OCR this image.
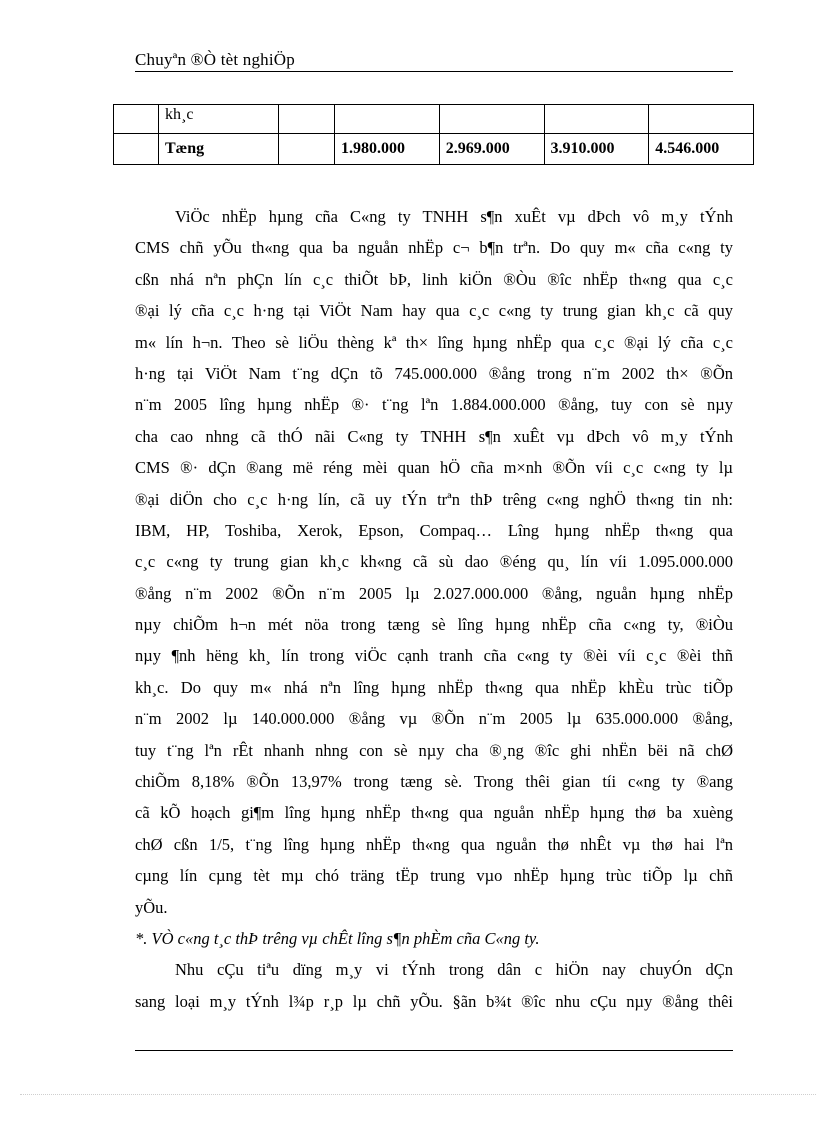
Chuyªn ®Ò tèt nghiÖp
	kh¸c					
	Tæng		1.980.000	2.969.000	3.910.000	4.546.000
ViÖc nhËp hµng cña C«ng ty TNHH s¶n xuÊt vµ dÞch vô m¸y tÝnh
CMS chñ yÕu th«ng qua ba nguån nhËp c¬ b¶n trªn. Do quy m« cña c«ng ty
cßn nhá nªn phÇn lín c¸c thiÕt bÞ, linh kiÖn ®Òu ®îc nhËp th«ng qua c¸c
®ại lý cña c¸c h·ng tại ViÖt Nam hay qua c¸c c«ng ty trung gian kh¸c cã quy
m« lín h¬n. Theo sè liÖu thèng kª th× lîng hµng nhËp qua c¸c ®ại lý cña c¸c
h·ng tại ViÖt Nam t¨ng dÇn tõ 745.000.000 ®ång trong n¨m 2002 th× ®Õn
n¨m 2005 lîng hµng nhËp ®· t¨ng lªn 1.884.000.000 ®ång, tuy con sè nµy
cha cao nhng cã thÓ nãi C«ng ty TNHH s¶n xuÊt vµ dÞch vô m¸y tÝnh
CMS ®· dÇn ®ang më réng mèi quan hÖ cña m×nh ®Õn víi c¸c c«ng ty lµ
®ại diÖn cho c¸c h·ng lín, cã uy tÝn trªn thÞ trêng c«ng nghÖ th«ng tin nh:
IBM, HP, Toshiba, Xerok, Epson, Compaq… Lîng hµng nhËp th«ng qua
c¸c c«ng ty trung gian kh¸c kh«ng cã sù dao ®éng qu¸ lín víi 1.095.000.000
®ång n¨m 2002 ®Õn n¨m 2005 lµ 2.027.000.000 ®ång, nguån hµng nhËp
nµy chiÕm h¬n mét nöa trong tæng sè lîng hµng nhËp cña c«ng ty, ®iÒu
nµy ¶nh hëng kh¸ lín trong viÖc cạnh tranh cña c«ng ty ®èi víi c¸c ®èi thñ
kh¸c. Do quy m« nhá nªn lîng hµng nhËp th«ng qua nhËp khÈu trùc tiÕp
n¨m 2002 lµ 140.000.000 ®ång vµ ®Õn n¨m 2005 lµ 635.000.000 ®ång,
tuy t¨ng lªn rÊt nhanh nhng con sè nµy cha ®¸ng ®îc ghi nhËn bëi nã chØ
chiÕm 8,18% ®Õn 13,97% trong tæng sè. Trong thêi gian tíi c«ng ty ®ang
cã kÕ hoạch gi¶m lîng hµng nhËp th«ng qua nguån nhËp hµng thø ba xuèng
chØ cßn 1/5, t¨ng lîng hµng nhËp th«ng qua nguån thø nhÊt vµ thø hai lªn
cµng lín cµng tèt mµ chó träng tËp trung vµo nhËp hµng trùc tiÕp lµ chñ
yÕu.
*. VÒ c«ng t¸c thÞ trêng vµ chÊt lîng s¶n phÈm cña C«ng ty.
Nhu cÇu tiªu dïng m¸y vi tÝnh trong dân c hiÖn nay chuyÓn dÇn
sang loại m¸y tÝnh l¾p r¸p lµ chñ yÕu. §ãn b¾t ®îc nhu cÇu nµy ®ång thêi
